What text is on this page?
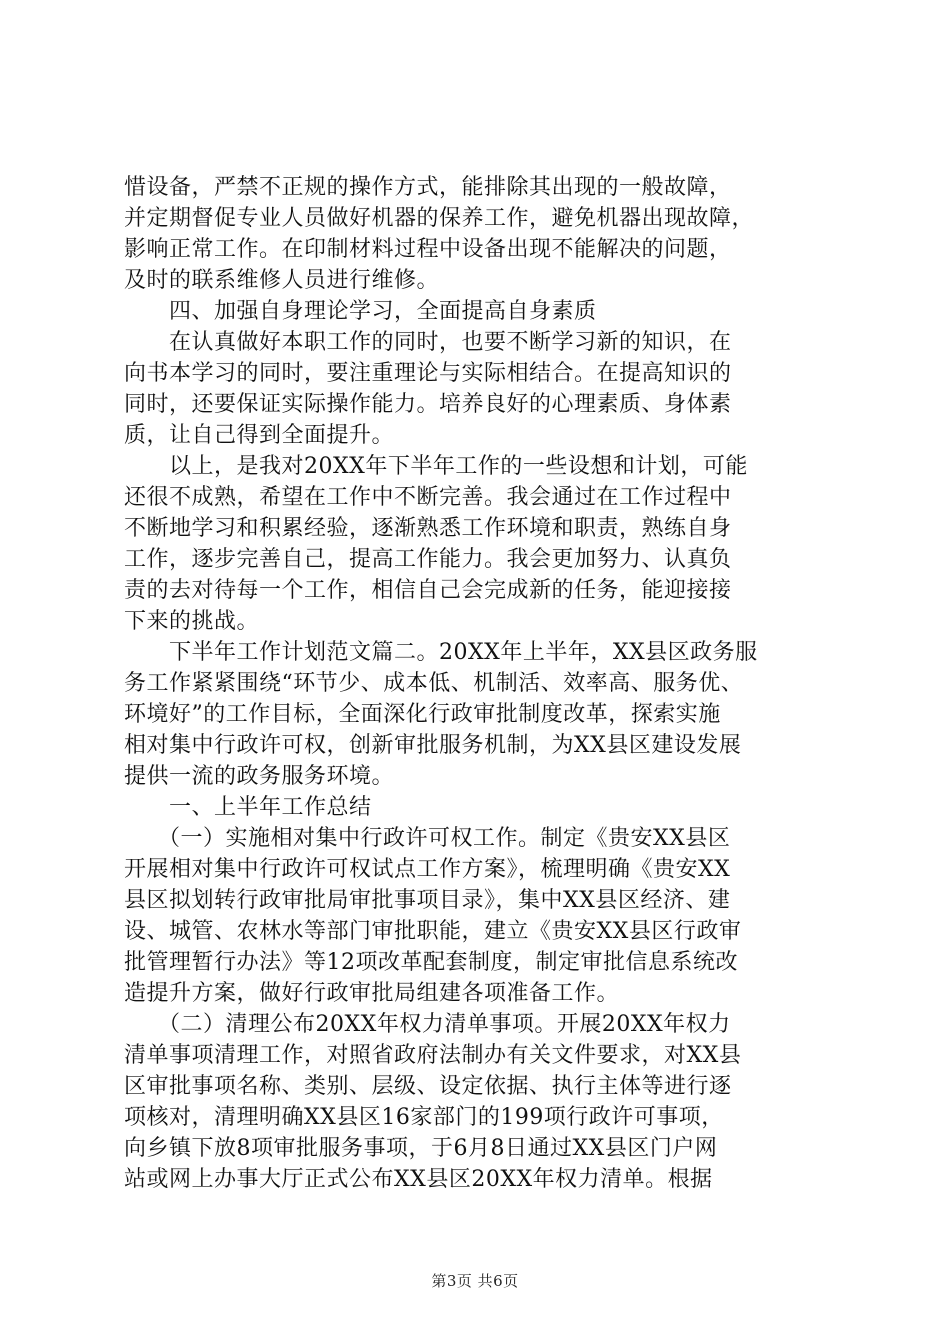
惜设备，严禁不正规的操作方式，能排除其出现的一般故障，
并定期督促专业人员做好机器的保养工作，避免机器出现故障，
影响正常工作。在印制材料过程中设备出现不能解决的问题，
及时的联系维修人员进行维修。
　　四、加强自身理论学习，全面提高自身素质
　　在认真做好本职工作的同时，也要不断学习新的知识，在
向书本学习的同时，要注重理论与实际相结合。在提高知识的
同时，还要保证实际操作能力。培养良好的心理素质、身体素
质，让自己得到全面提升。
　　以上，是我对20XX年下半年工作的一些设想和计划，可能
还很不成熟，希望在工作中不断完善。我会通过在工作过程中
不断地学习和积累经验，逐渐熟悉工作环境和职责，熟练自身
工作，逐步完善自己，提高工作能力。我会更加努力、认真负
责的去对待每一个工作，相信自己会完成新的任务，能迎接接
下来的挑战。
　　下半年工作计划范文篇二。20XX年上半年，XX县区政务服
务工作紧紧围绕“环节少、成本低、机制活、效率高、服务优、
环境好”的工作目标，全面深化行政审批制度改革，探索实施
相对集中行政许可权，创新审批服务机制，为XX县区建设发展
提供一流的政务服务环境。
　　一、上半年工作总结
　　（一）实施相对集中行政许可权工作。制定《贵安XX县区
开展相对集中行政许可权试点工作方案》，梳理明确《贵安XX
县区拟划转行政审批局审批事项目录》，集中XX县区经济、建
设、城管、农林水等部门审批职能，建立《贵安XX县区行政审
批管理暂行办法》等12项改革配套制度，制定审批信息系统改
造提升方案，做好行政审批局组建各项准备工作。
　　（二）清理公布20XX年权力清单事项。开展20XX年权力
清单事项清理工作，对照省政府法制办有关文件要求，对XX县
区审批事项名称、类别、层级、设定依据、执行主体等进行逐
项核对，清理明确XX县区16家部门的199项行政许可事项，
向乡镇下放8项审批服务事项，于6月8日通过XX县区门户网
站或网上办事大厅正式公布XX县区20XX年权力清单。根据
第3页 共6页
